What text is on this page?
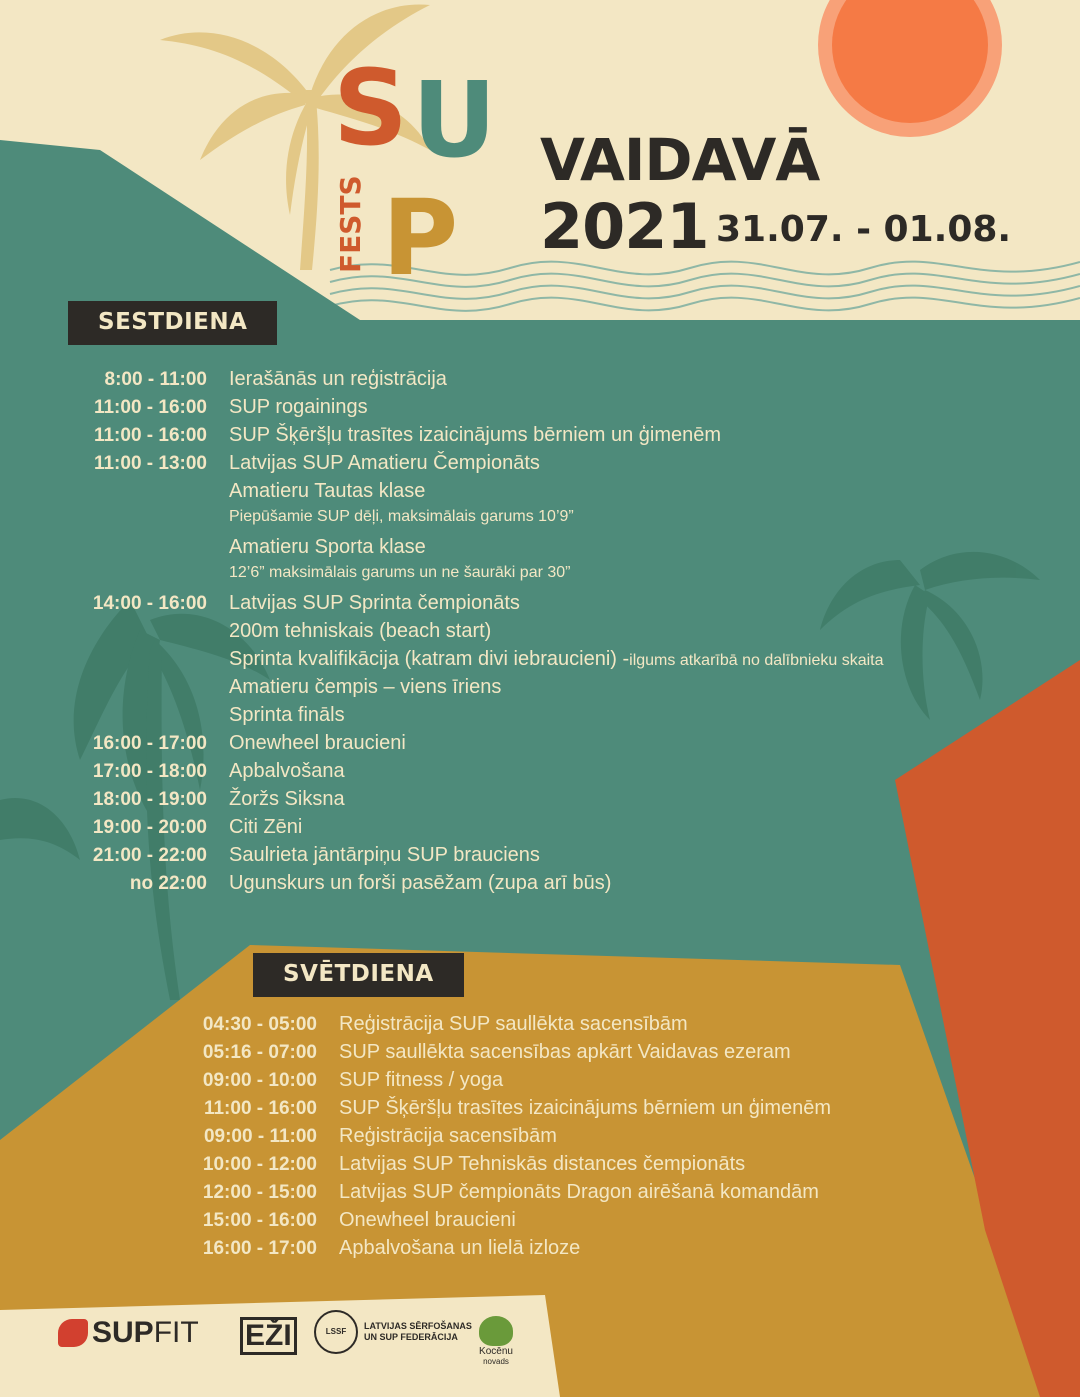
S U
P
FESTS
VAIDAVĀ
2021 31.07. - 01.08.
SESTDIENA
8:00 - 11:00	Ierašānās un reģistrācija
11:00 - 16:00	SUP rogainings
11:00 - 16:00	SUP Šķēršļu trasītes izaicinājums bērniem un ģimenēm
11:00 - 13:00	Latvijas SUP Amatieru Čempionāts
Amatieru Tautas klase
Piepūšamie SUP dēļi, maksimālais garums 10’9”
Amatieru Sporta klase
12’6” maksimālais garums un ne šaurāki par 30”
14:00 - 16:00	Latvijas SUP Sprinta čempionāts
200m tehniskais (beach start)
Sprinta kvalifikācija (katram divi iebraucieni) - ilgums atkarībā no dalībnieku skaita
Amatieru čempis – viens īriens
Sprinta fināls
16:00 - 17:00	Onewheel braucieni
17:00 - 18:00	Apbalvošana
18:00 - 19:00	Žoržs Siksna
19:00 - 20:00	Citi Zēni
21:00 - 22:00	Saulrieta jāntārpiņu SUP brauciens
no 22:00	Ugunskurs un forši pasēžam (zupa arī būs)
SVĒTDIENA
04:30 - 05:00	Reģistrācija SUP saullēkta sacensībām
05:16 - 07:00	SUP saullēkta sacensības apkārt Vaidavas ezeram
09:00 - 10:00	SUP fitness / yoga
11:00 - 16:00	SUP Šķēršļu trasītes izaicinājums bērniem un ģimenēm
09:00 - 11:00	Reģistrācija sacensībām
10:00 - 12:00	Latvijas SUP Tehniskās distances čempionāts
12:00 - 15:00	Latvijas SUP čempionāts Dragon airēšanā komandām
15:00 - 16:00	Onewheel braucieni
16:00 - 17:00	Apbalvošana un lielā izloze
SUP FIT EŽI	LSSF
LATVIJAS SĒRFOŠANAS
UN SUP FEDERĀCIJA
Kocēnu
novads
